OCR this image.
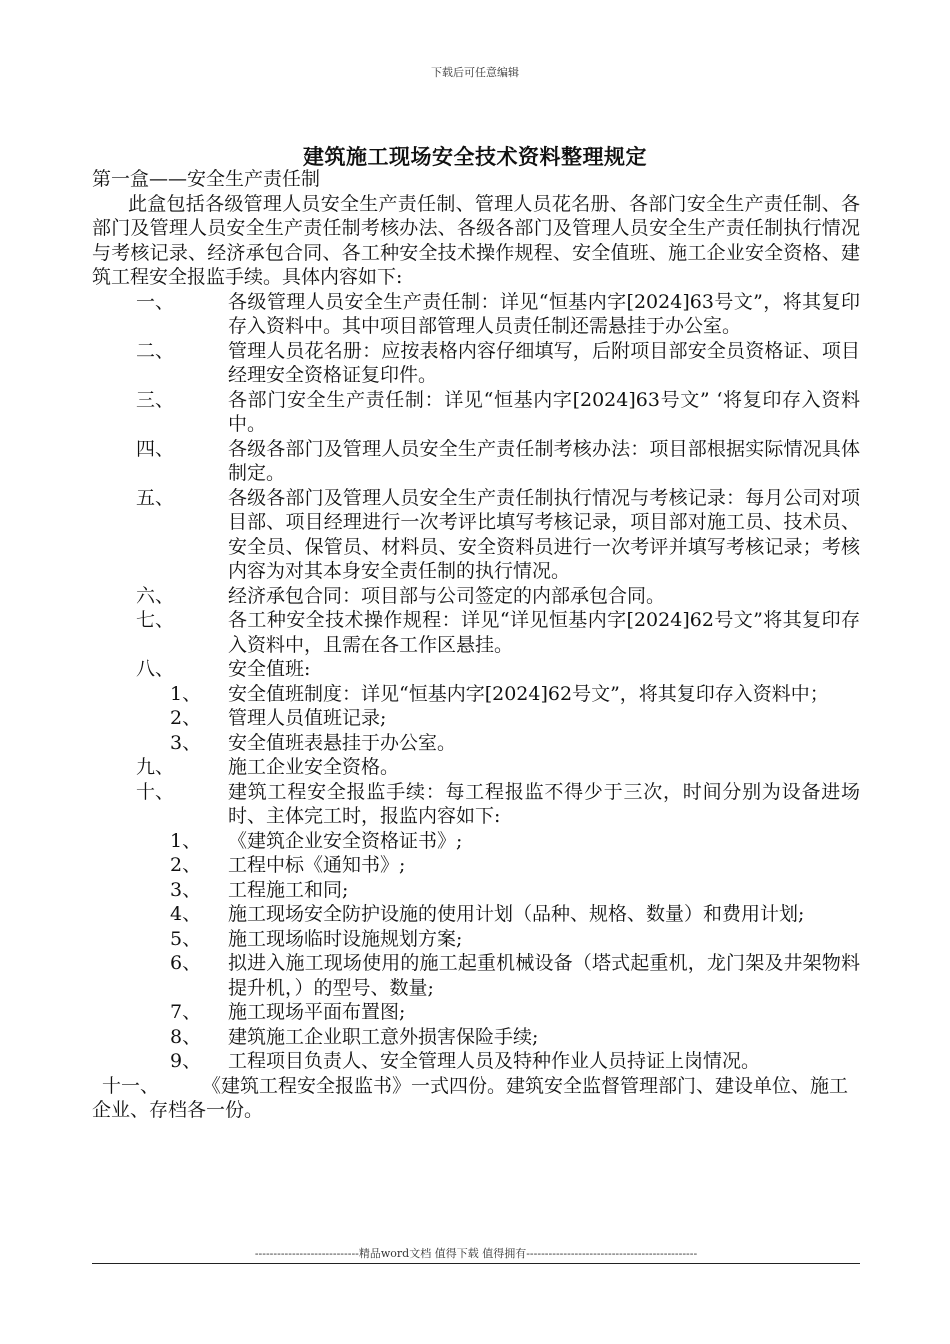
下载后可任意编辑
建筑施工现场安全技术资料整理规定
第一盒——安全生产责任制
此盒包括各级管理人员安全生产责任制、管理人员花名册、各部门安全生产责任制、各部门及管理人员安全生产责任制考核办法、各级各部门及管理人员安全生产责任制执行情况与考核记录、经济承包合同、各工种安全技术操作规程、安全值班、施工企业安全资格、建筑工程安全报监手续。具体内容如下:
一、	各级管理人员安全生产责任制：详见“恒基内字[2024]63号文”，将其复印存入资料中。其中项目部管理人员责任制还需悬挂于办公室。
二、	管理人员花名册：应按表格内容仔细填写，后附项目部安全员资格证、项目经理安全资格证复印件。
三、	各部门安全生产责任制：详见“恒基内字[2024]63号文” ‘将复印存入资料中。
四、	各级各部门及管理人员安全生产责任制考核办法：项目部根据实际情况具体制定。
五、	各级各部门及管理人员安全生产责任制执行情况与考核记录：每月公司对项目部、项目经理进行一次考评比填写考核记录，项目部对施工员、技术员、安全员、保管员、材料员、安全资料员进行一次考评并填写考核记录；考核内容为对其本身安全责任制的执行情况。
六、	经济承包合同：项目部与公司签定的内部承包合同。
七、	各工种安全技术操作规程：详见“详见恒基内字[2024]62号文”将其复印存入资料中，且需在各工作区悬挂。
八、	安全值班:
1、	安全值班制度：详见“恒基内字[2024]62号文”，将其复印存入资料中；
2、	管理人员值班记录;
3、	安全值班表悬挂于办公室。
九、	施工企业安全资格。
十、	建筑工程安全报监手续：每工程报监不得少于三次，时间分别为设备进场时、主体完工时，报监内容如下:
1、	《建筑企业安全资格证书》;
2、	工程中标《通知书》;
3、	工程施工和同;
4、	施工现场安全防护设施的使用计划（品种、规格、数量）和费用计划;
5、	施工现场临时设施规划方案;
6、	拟进入施工现场使用的施工起重机械设备（塔式起重机，龙门架及井架物料提升机，）的型号、数量;
7、	施工现场平面布置图;
8、	建筑施工企业职工意外损害保险手续;
9、	工程项目负责人、安全管理人员及特种作业人员持证上岗情况。
十一、 《建筑工程安全报监书》一式四份。建筑安全监督管理部门、建设单位、施工企业、存档各一份。
----------------------------精品word文档 值得下载 值得拥有----------------------------------------------
